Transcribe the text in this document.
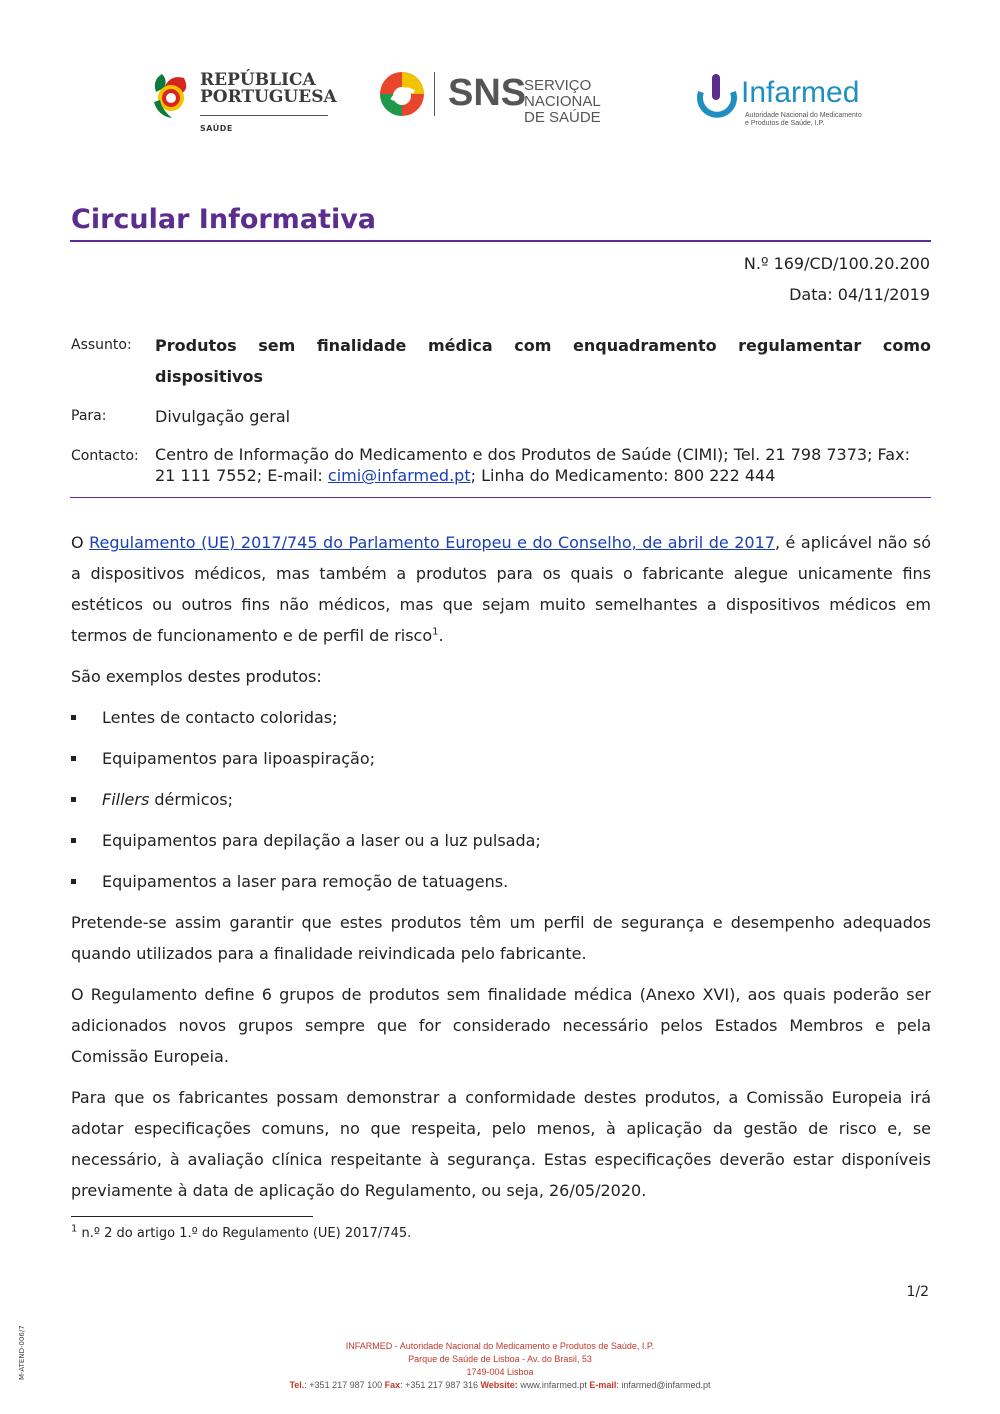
REPÚBLICA
PORTUGUESA
SAÚDE
SNS
SERVIÇO NACIONAL
DE SAÚDE
Infarmed
Autoridade Nacional do Medicamento
e Produtos de Saúde, I.P.
Circular Informativa
N.º 169/CD/100.20.200
Data: 04/11/2019
Assunto: Produtos sem finalidade médica com enquadramento regulamentar como dispositivos
Para:	Divulgação geral
Contacto: Centro de Informação do Medicamento e dos Produtos de Saúde (CIMI); Tel. 21 798 7373; Fax: 21 111 7552; E-mail: cimi@infarmed.pt; Linha do Medicamento: 800 222 444

O Regulamento (UE) 2017/745 do Parlamento Europeu e do Conselho, de abril de 2017, é aplicável não só a dispositivos médicos, mas também a produtos para os quais o fabricante alegue unicamente fins estéticos ou outros fins não médicos, mas que sejam muito semelhantes a dispositivos médicos em termos de funcionamento e de perfil de risco$^1$.

São exemplos destes produtos:

Lentes de contacto coloridas;
Equipamentos para lipoaspiração;
Fillers dérmicos;
Equipamentos para depilação a laser ou a luz pulsada;
Equipamentos a laser para remoção de tatuagens.

Pretende-se assim garantir que estes produtos têm um perfil de segurança e desempenho adequados quando utilizados para a finalidade reivindicada pelo fabricante.

O Regulamento define 6 grupos de produtos sem finalidade médica (Anexo XVI), aos quais poderão ser adicionados novos grupos sempre que for considerado necessário pelos Estados Membros e pela Comissão Europeia.

Para que os fabricantes possam demonstrar a conformidade destes produtos, a Comissão Europeia irá adotar especificações comuns, no que respeita, pelo menos, à aplicação da gestão de risco e, se necessário, à avaliação clínica respeitante à segurança. Estas especificações deverão estar disponíveis previamente à data de aplicação do Regulamento, ou seja, 26/05/2020.

$^1$ n.º 2 do artigo 1.º do Regulamento (UE) 2017/745.
1/2
M-ATEND-006/7	INFARMED - Autoridade Nacional do Medicamento e Produtos de Saúde, I.P.
Parque de Saúde de Lisboa - Av. do Brasil, 53
1749-004 Lisboa
Tel.: +351 217 987 100 Fax: +351 217 987 316 Website: www.infarmed.pt E-mail: infarmed@infarmed.pt
